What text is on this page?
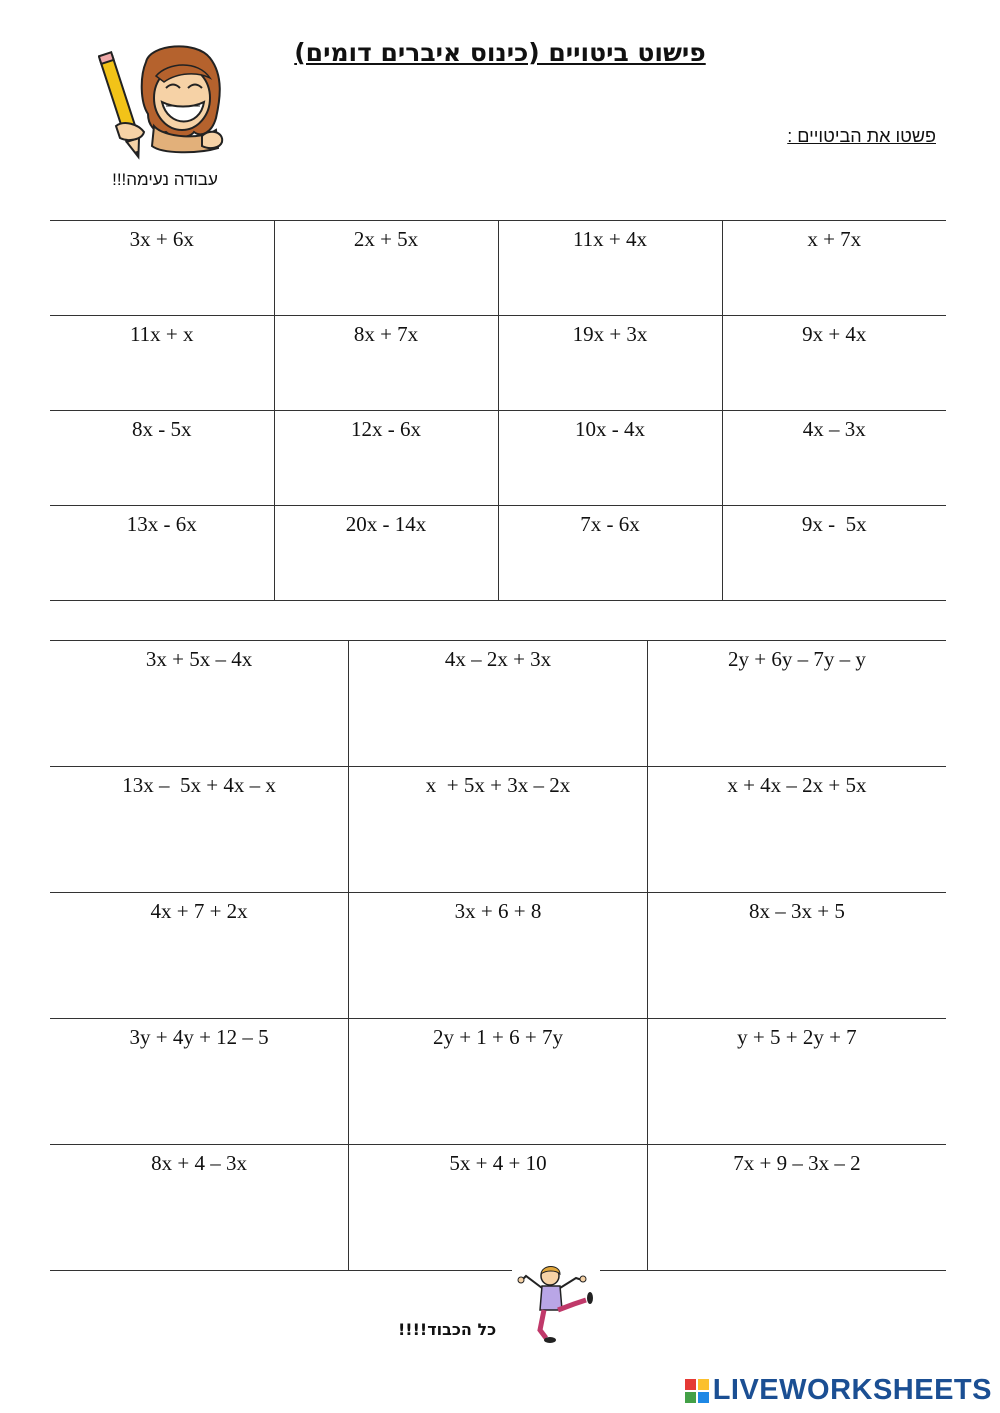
פישוט ביטויים (כינוס איברים דומים)
פשטו את הביטויים :
עבודה נעימה!!!
3x + 6x	2x + 5x	11x + 4x	x + 7x
11x + x	8x + 7x	19x + 3x	9x + 4x
8x - 5x	12x - 6x	10x - 4x	4x – 3x
13x - 6x	20x - 14x	7x - 6x	9x -  5x
3x + 5x – 4x	4x – 2x + 3x	2y + 6y – 7y – y
13x –  5x + 4x – x	x  + 5x + 3x – 2x	x + 4x – 2x + 5x
4x + 7 + 2x	3x + 6 + 8	8x – 3x + 5
3y + 4y + 12 – 5	2y + 1 + 6 + 7y	y + 5 + 2y + 7
8x + 4 – 3x	5x + 4 + 10	7x + 9 – 3x – 2
כל הכבוד!!!!
LIVEWORKSHEETS
